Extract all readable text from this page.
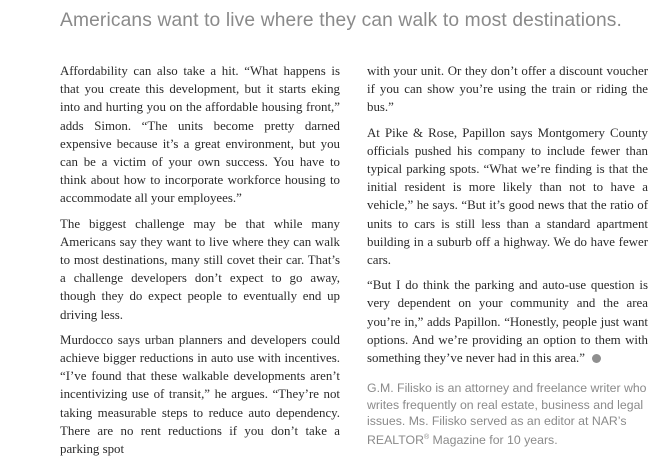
Americans want to live where they can walk to most destinations.

Affordability can also take a hit. “What happens is that you create this development, but it starts eking into and hurting you on the affordable housing front,” adds Simon. “The units become pretty darned expensive because it’s a great environment, but you can be a victim of your own success. You have to think about how to incorporate workforce housing to accommodate all your employees.”

The biggest challenge may be that while many Americans say they want to live where they can walk to most destinations, many still covet their car. That’s a challenge developers don’t expect to go away, though they do expect people to eventually end up driving less.

Murdocco says urban planners and developers could achieve bigger reductions in auto use with incentives. “I’ve found that these walkable developments aren’t incentivizing use of transit,” he argues. “They’re not taking measurable steps to reduce auto dependency. There are no rent reductions if you don’t take a parking spot

with your unit. Or they don’t offer a discount voucher if you can show you’re using the train or riding the bus.”

At Pike & Rose, Papillon says Montgomery County officials pushed his company to include fewer than typical parking spots. “What we’re finding is that the initial resident is more likely than not to have a vehicle,” he says. “But it’s good news that the ratio of units to cars is still less than a standard apartment building in a suburb off a highway. We do have fewer cars.

“But I do think the parking and auto-use question is very dependent on your community and the area you’re in,” adds Papillon. “Honestly, people just want options. And we’re providing an option to them with something they’ve never had in this area.”

G.M. Filisko is an attorney and freelance writer who writes frequently on real estate, business and legal issues. Ms. Filisko served as an editor at NAR’s REALTOR® Magazine for 10 years.
